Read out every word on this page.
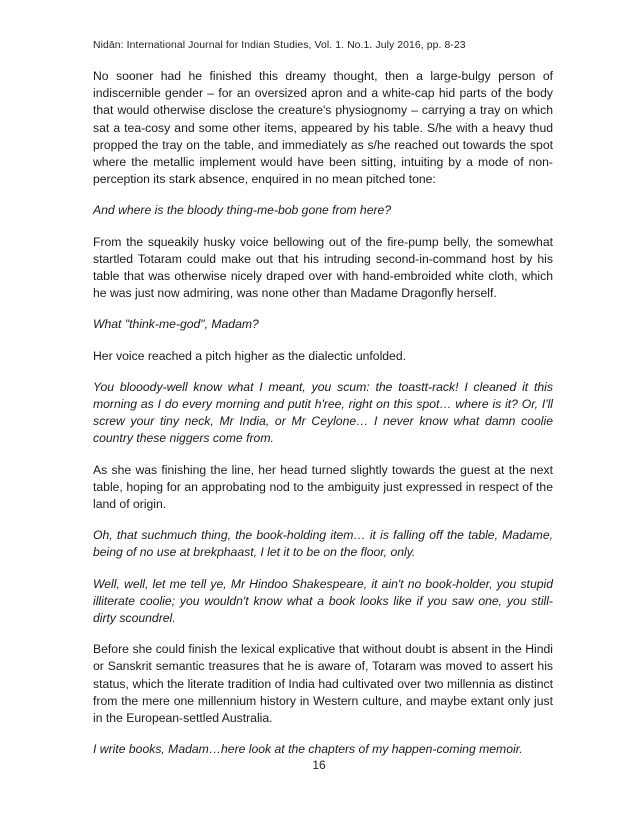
Nidān: International Journal for Indian Studies, Vol. 1. No.1. July 2016, pp. 8-23

No sooner had he finished this dreamy thought, then a large-bulgy person of indiscernible gender – for an oversized apron and a white-cap hid parts of the body that would otherwise disclose the creature's physiognomy – carrying a tray on which sat a tea-cosy and some other items, appeared by his table. S/he with a heavy thud propped the tray on the table, and immediately as s/he reached out towards the spot where the metallic implement would have been sitting, intuiting by a mode of non-perception its stark absence, enquired in no mean pitched tone:

And where is the bloody thing-me-bob gone from here?

From the squeakily husky voice bellowing out of the fire-pump belly, the somewhat startled Totaram could make out that his intruding second-in-command host by his table that was otherwise nicely draped over with hand-embroided white cloth, which he was just now admiring, was none other than Madame Dragonfly herself.

What "think-me-god", Madam?

Her voice reached a pitch higher as the dialectic unfolded.

You blooody-well know what I meant, you scum: the toastt-rack! I cleaned it this morning as I do every morning and putit h'ree, right on this spot… where is it? Or, I'll screw your tiny neck, Mr India, or Mr Ceylone… I never know what damn coolie country these niggers come from.

As she was finishing the line, her head turned slightly towards the guest at the next table, hoping for an approbating nod to the ambiguity just expressed in respect of the land of origin.

Oh, that suchmuch thing, the book-holding item… it is falling off the table, Madame, being of no use at brekphaast, I let it to be on the floor, only.

Well, well, let me tell ye, Mr Hindoo Shakespeare, it ain't no book-holder, you stupid illiterate coolie; you wouldn't know what a book looks like if you saw one, you still-dirty scoundrel.

Before she could finish the lexical explicative that without doubt is absent in the Hindi or Sanskrit semantic treasures that he is aware of, Totaram was moved to assert his status, which the literate tradition of India had cultivated over two millennia as distinct from the mere one millennium history in Western culture, and maybe extant only just in the European-settled Australia.

I write books, Madam…here look at the chapters of my happen-coming memoir.

16
